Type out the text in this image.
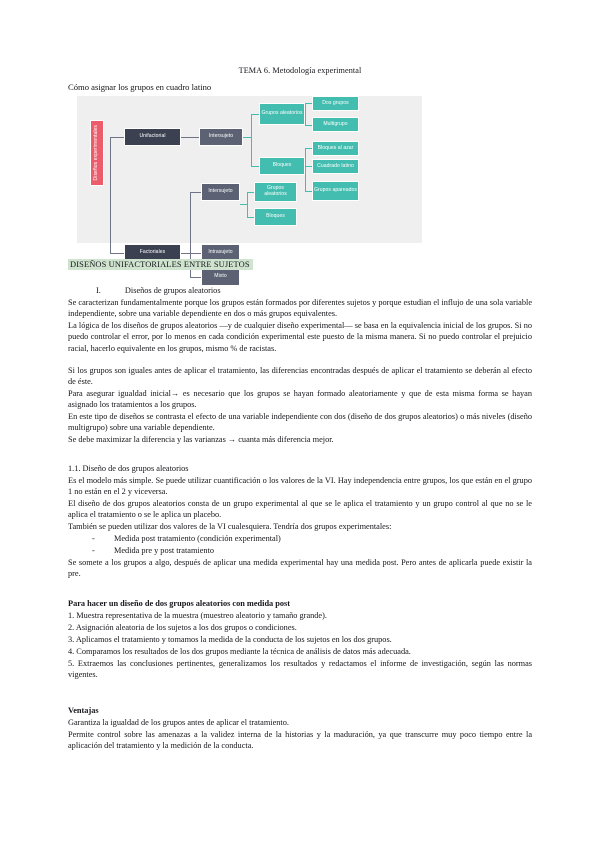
TEMA 6. Metodología experimental
Cómo asignar los grupos en cuadro latino
Diseños experimentales	Unifactorial
Factoriales
Intersujeto
Intersujeto
Intrasujeto
Mixto
Grupos aleatorios
Bloques
Grupos aleatorios
Bloques
Dos grupos
Multigrupo
Bloques al azar
Cuadrado latino
Grupos apareados
DISEÑOS UNIFACTORIALES ENTRE SUJETOS
I.	Diseños de grupos aleatorios
Se caracterizan fundamentalmente porque los grupos están formados por diferentes sujetos y porque estudian el influjo de una sola variable independiente, sobre una variable dependiente en dos o más grupos equivalentes.
La lógica de los diseños de grupos aleatorios —y de cualquier diseño experimental— se basa en la equivalencia inicial de los grupos. Si no puedo controlar el error, por lo menos en cada condición experimental este puesto de la misma manera. Si no puedo controlar el prejuicio racial, hacerlo equivalente en los grupos, mismo % de racistas.
Si los grupos son iguales antes de aplicar el tratamiento, las diferencias encontradas después de aplicar el tratamiento se deberán al efecto de éste.
Para asegurar igualdad inicial→ es necesario que los grupos se hayan formado aleatoriamente y que de esta misma forma se hayan asignado los tratamientos a los grupos.
En este tipo de diseños se contrasta el efecto de una variable independiente con dos (diseño de dos grupos aleatorios) o más niveles (diseño multigrupo) sobre una variable dependiente.
Se debe maximizar la diferencia y las varianzas → cuanta más diferencia mejor.
1.1. Diseño de dos grupos aleatorios
Es el modelo más simple. Se puede utilizar cuantificación o los valores de la VI. Hay independencia entre grupos, los que están en el grupo 1 no están en el 2 y viceversa.
El diseño de dos grupos aleatorios consta de un grupo experimental al que se le aplica el tratamiento y un grupo control al que no se le aplica el tratamiento o se le aplica un placebo.
También se pueden utilizar dos valores de la VI cualesquiera. Tendría dos grupos experimentales:
-	Medida post tratamiento (condición experimental)
-	Medida pre y post tratamiento
Se somete a los grupos a algo, después de aplicar una medida experimental hay una medida post. Pero antes de aplicarla puede existir la pre.
Para hacer un diseño de dos grupos aleatorios con medida post
1. Muestra representativa de la muestra (muestreo aleatorio y tamaño grande).
2. Asignación aleatoria de los sujetos a los dos grupos o condiciones.
3. Aplicamos el tratamiento y tomamos la medida de la conducta de los sujetos en los dos grupos.
4. Comparamos los resultados de los dos grupos mediante la técnica de análisis de datos más adecuada.
5. Extraemos las conclusiones pertinentes, generalizamos los resultados y redactamos el informe de investigación, según las normas vigentes.
Ventajas
Garantiza la igualdad de los grupos antes de aplicar el tratamiento.
Permite control sobre las amenazas a la validez interna de la historias y la maduración, ya que transcurre muy poco tiempo entre la aplicación del tratamiento y la medición de la conducta.
